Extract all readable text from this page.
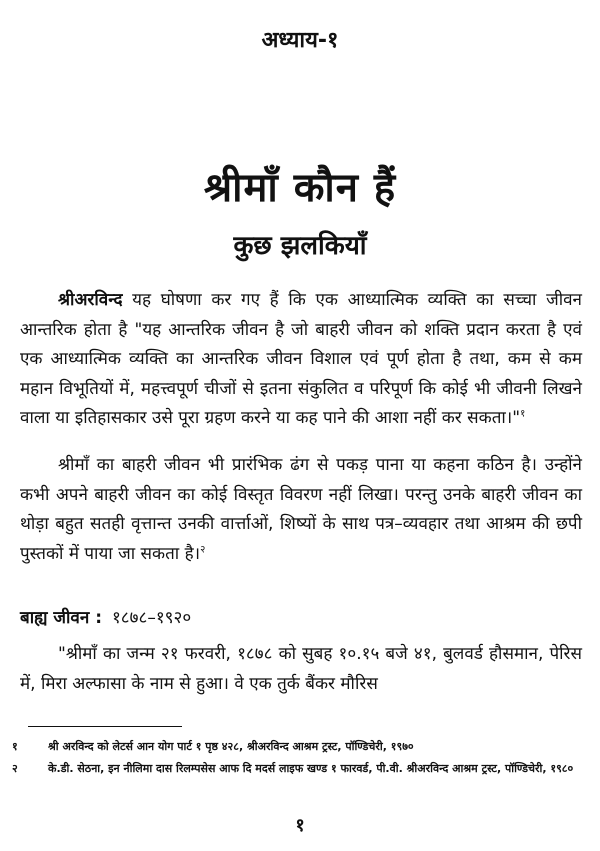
अध्याय-१
श्रीमाँ कौन हैं
कुछ झलकियाँ
श्रीअरविन्द यह घोषणा कर गए हैं कि एक आध्यात्मिक व्यक्ति का सच्चा जीवन आन्तरिक होता है "यह आन्तरिक जीवन है जो बाहरी जीवन को शक्ति प्रदान करता है एवं एक आध्यात्मिक व्यक्ति का आन्तरिक जीवन विशाल एवं पूर्ण होता है तथा, कम से कम महान विभूतियों में, महत्त्वपूर्ण चीजों से इतना संकुलित व परिपूर्ण कि कोई भी जीवनी लिखने वाला या इतिहासकार उसे पूरा ग्रहण करने या कह पाने की आशा नहीं कर सकता।"$^१$
श्रीमाँ का बाहरी जीवन भी प्रारंभिक ढंग से पकड़ पाना या कहना कठिन है। उन्होंने कभी अपने बाहरी जीवन का कोई विस्तृत विवरण नहीं लिखा। परन्तु उनके बाहरी जीवन का थोड़ा बहुत सतही वृत्तान्त उनकी वार्त्ताओं, शिष्यों के साथ पत्र–व्यवहार तथा आश्रम की छपी पुस्तकों में पाया जा सकता है।$^२$
बाह्य जीवन : १८७८–१९२०
"श्रीमाँ का जन्म २१ फरवरी, १८७८ को सुबह १०.१५ बजे ४१, बुलवर्ड हौसमान, पेरिस में, मिरा अल्फासा के नाम से हुआ। वे एक तुर्क बैंकर मौरिस
१	श्री अरविन्द को लेटर्स आन योग पार्ट १ पृष्ठ ४२८, श्रीअरविन्द आश्रम ट्रस्ट, पॉण्डिचेरी, १९७०
२	के.डी. सेठना, इन नीलिमा दास रिलम्पसेस आफ दि मदर्स लाइफ खण्ड १ फारवर्ड, पी.वी. श्रीअरविन्द आश्रम ट्रस्ट, पॉण्डिचेरी, १९८०
१
